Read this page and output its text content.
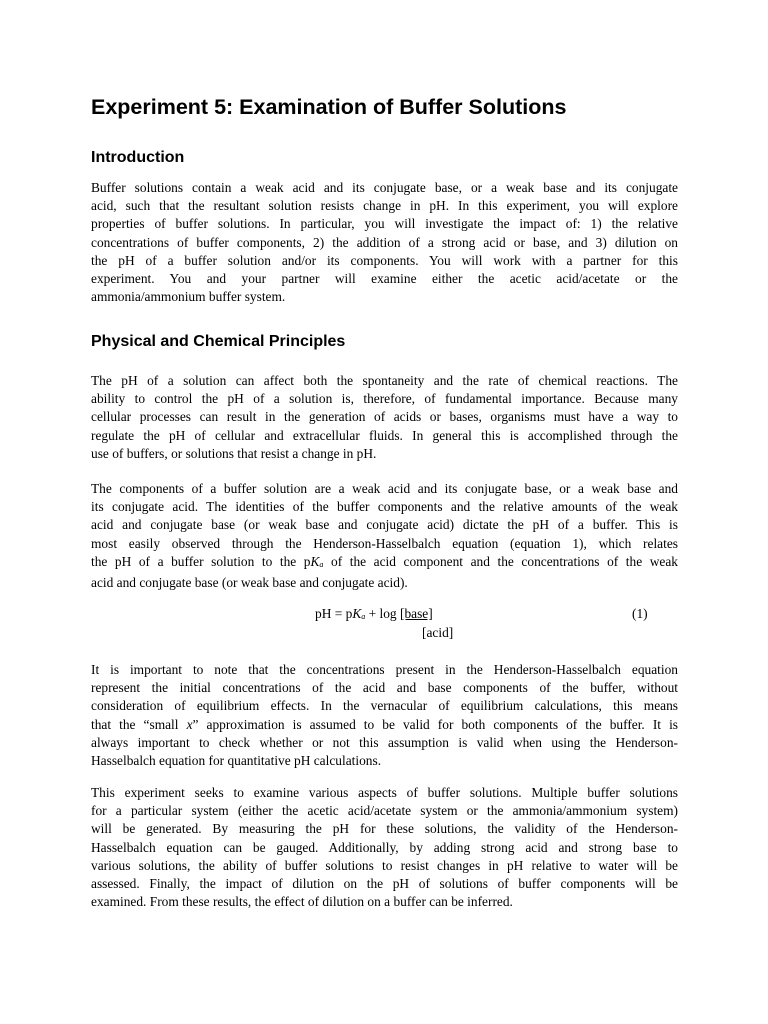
Experiment 5: Examination of Buffer Solutions
Introduction

Buffer solutions contain a weak acid and its conjugate base, or a weak base and its conjugate
acid, such that the resultant solution resists change in pH. In this experiment, you will explore
properties of buffer solutions. In particular, you will investigate the impact of: 1) the relative
concentrations of buffer components, 2) the addition of a strong acid or base, and 3) dilution on
the pH of a buffer solution and/or its components. You will work with a partner for this
experiment. You and your partner will examine either the acetic acid/acetate or the
ammonia/ammonium buffer system.

Physical and Chemical Principles

The pH of a solution can affect both the spontaneity and the rate of chemical reactions. The
ability to control the pH of a solution is, therefore, of fundamental importance. Because many
cellular processes can result in the generation of acids or bases, organisms must have a way to
regulate the pH of cellular and extracellular fluids. In general this is accomplished through the
use of buffers, or solutions that resist a change in pH.

The components of a buffer solution are a weak acid and its conjugate base, or a weak base and
its conjugate acid. The identities of the buffer components and the relative amounts of the weak
acid and conjugate base (or weak base and conjugate acid) dictate the pH of a buffer. This is
most easily observed through the Henderson-Hasselbalch equation (equation 1), which relates
the pH of a buffer solution to the pKa of the acid component and the concentrations of the weak
acid and conjugate base (or weak base and conjugate acid).

pH = pKa + log [base]
[acid]
(1)

It is important to note that the concentrations present in the Henderson-Hasselbalch equation
represent the initial concentrations of the acid and base components of the buffer, without
consideration of equilibrium effects. In the vernacular of equilibrium calculations, this means
that the “small x” approximation is assumed to be valid for both components of the buffer. It is
always important to check whether or not this assumption is valid when using the Henderson-
Hasselbalch equation for quantitative pH calculations.

This experiment seeks to examine various aspects of buffer solutions. Multiple buffer solutions
for a particular system (either the acetic acid/acetate system or the ammonia/ammonium system)
will be generated. By measuring the pH for these solutions, the validity of the Henderson-
Hasselbalch equation can be gauged. Additionally, by adding strong acid and strong base to
various solutions, the ability of buffer solutions to resist changes in pH relative to water will be
assessed. Finally, the impact of dilution on the pH of solutions of buffer components will be
examined. From these results, the effect of dilution on a buffer can be inferred.
